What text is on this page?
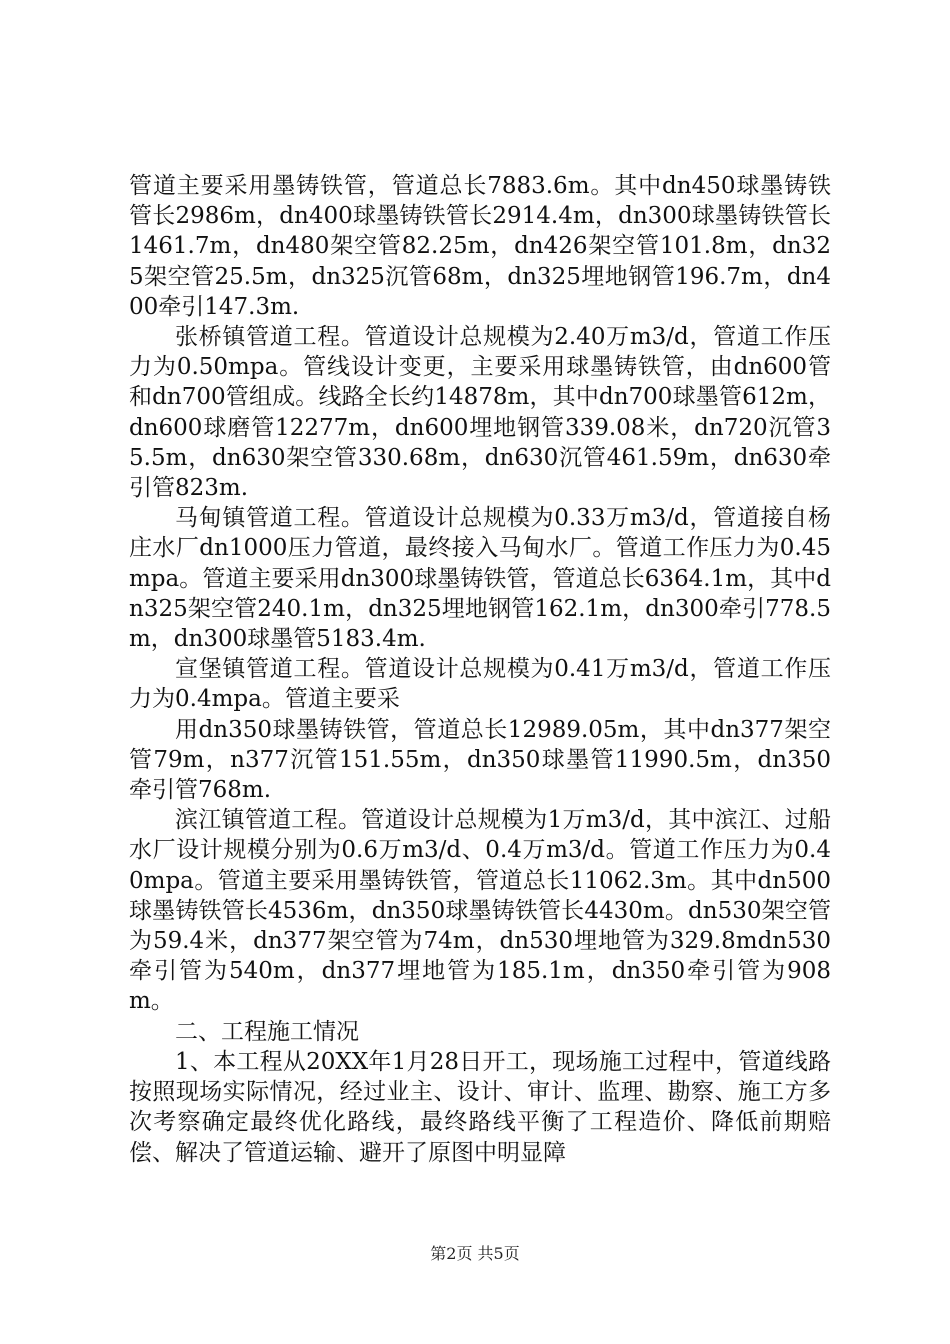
管道主要采用墨铸铁管，管道总长7883.6m。其中dn450球墨铸铁管长2986m，dn400球墨铸铁管长2914.4m，dn300球墨铸铁管长1461.7m，dn480架空管82.25m，dn426架空管101.8m，dn325架空管25.5m，dn325沉管68m，dn325埋地钢管196.7m，dn400牵引147.3m.

张桥镇管道工程。管道设计总规模为2.40万m3/d，管道工作压力为0.50mpa。管线设计变更，主要采用球墨铸铁管，由dn600管和dn700管组成。线路全长约14878m，其中dn700球墨管612m，dn600球磨管12277m，dn600埋地钢管339.08米，dn720沉管35.5m，dn630架空管330.68m，dn630沉管461.59m，dn630牵引管823m.

马甸镇管道工程。管道设计总规模为0.33万m3/d，管道接自杨庄水厂dn1000压力管道，最终接入马甸水厂。管道工作压力为0.45mpa。管道主要采用dn300球墨铸铁管，管道总长6364.1m，其中dn325架空管240.1m，dn325埋地钢管162.1m，dn300牵引778.5m，dn300球墨管5183.4m.

宣堡镇管道工程。管道设计总规模为0.41万m3/d，管道工作压力为0.4mpa。管道主要采

用dn350球墨铸铁管，管道总长12989.05m，其中dn377架空管79m，n377沉管151.55m，dn350球墨管11990.5m，dn350牵引管768m.

滨江镇管道工程。管道设计总规模为1万m3/d，其中滨江、过船水厂设计规模分别为0.6万m3/d、0.4万m3/d。管道工作压力为0.40mpa。管道主要采用墨铸铁管，管道总长11062.3m。其中dn500球墨铸铁管长4536m，dn350球墨铸铁管长4430m。dn530架空管为59.4米，dn377架空管为74m，dn530埋地管为329.8mdn530牵引管为540m，dn377埋地管为185.1m，dn350牵引管为908m。

二、工程施工情况

1、本工程从20XX年1月28日开工，现场施工过程中，管道线路按照现场实际情况，经过业主、设计、审计、监理、勘察、施工方多次考察确定最终优化路线，最终路线平衡了工程造价、降低前期赔偿、解决了管道运输、避开了原图中明显障

第2页 共5页
